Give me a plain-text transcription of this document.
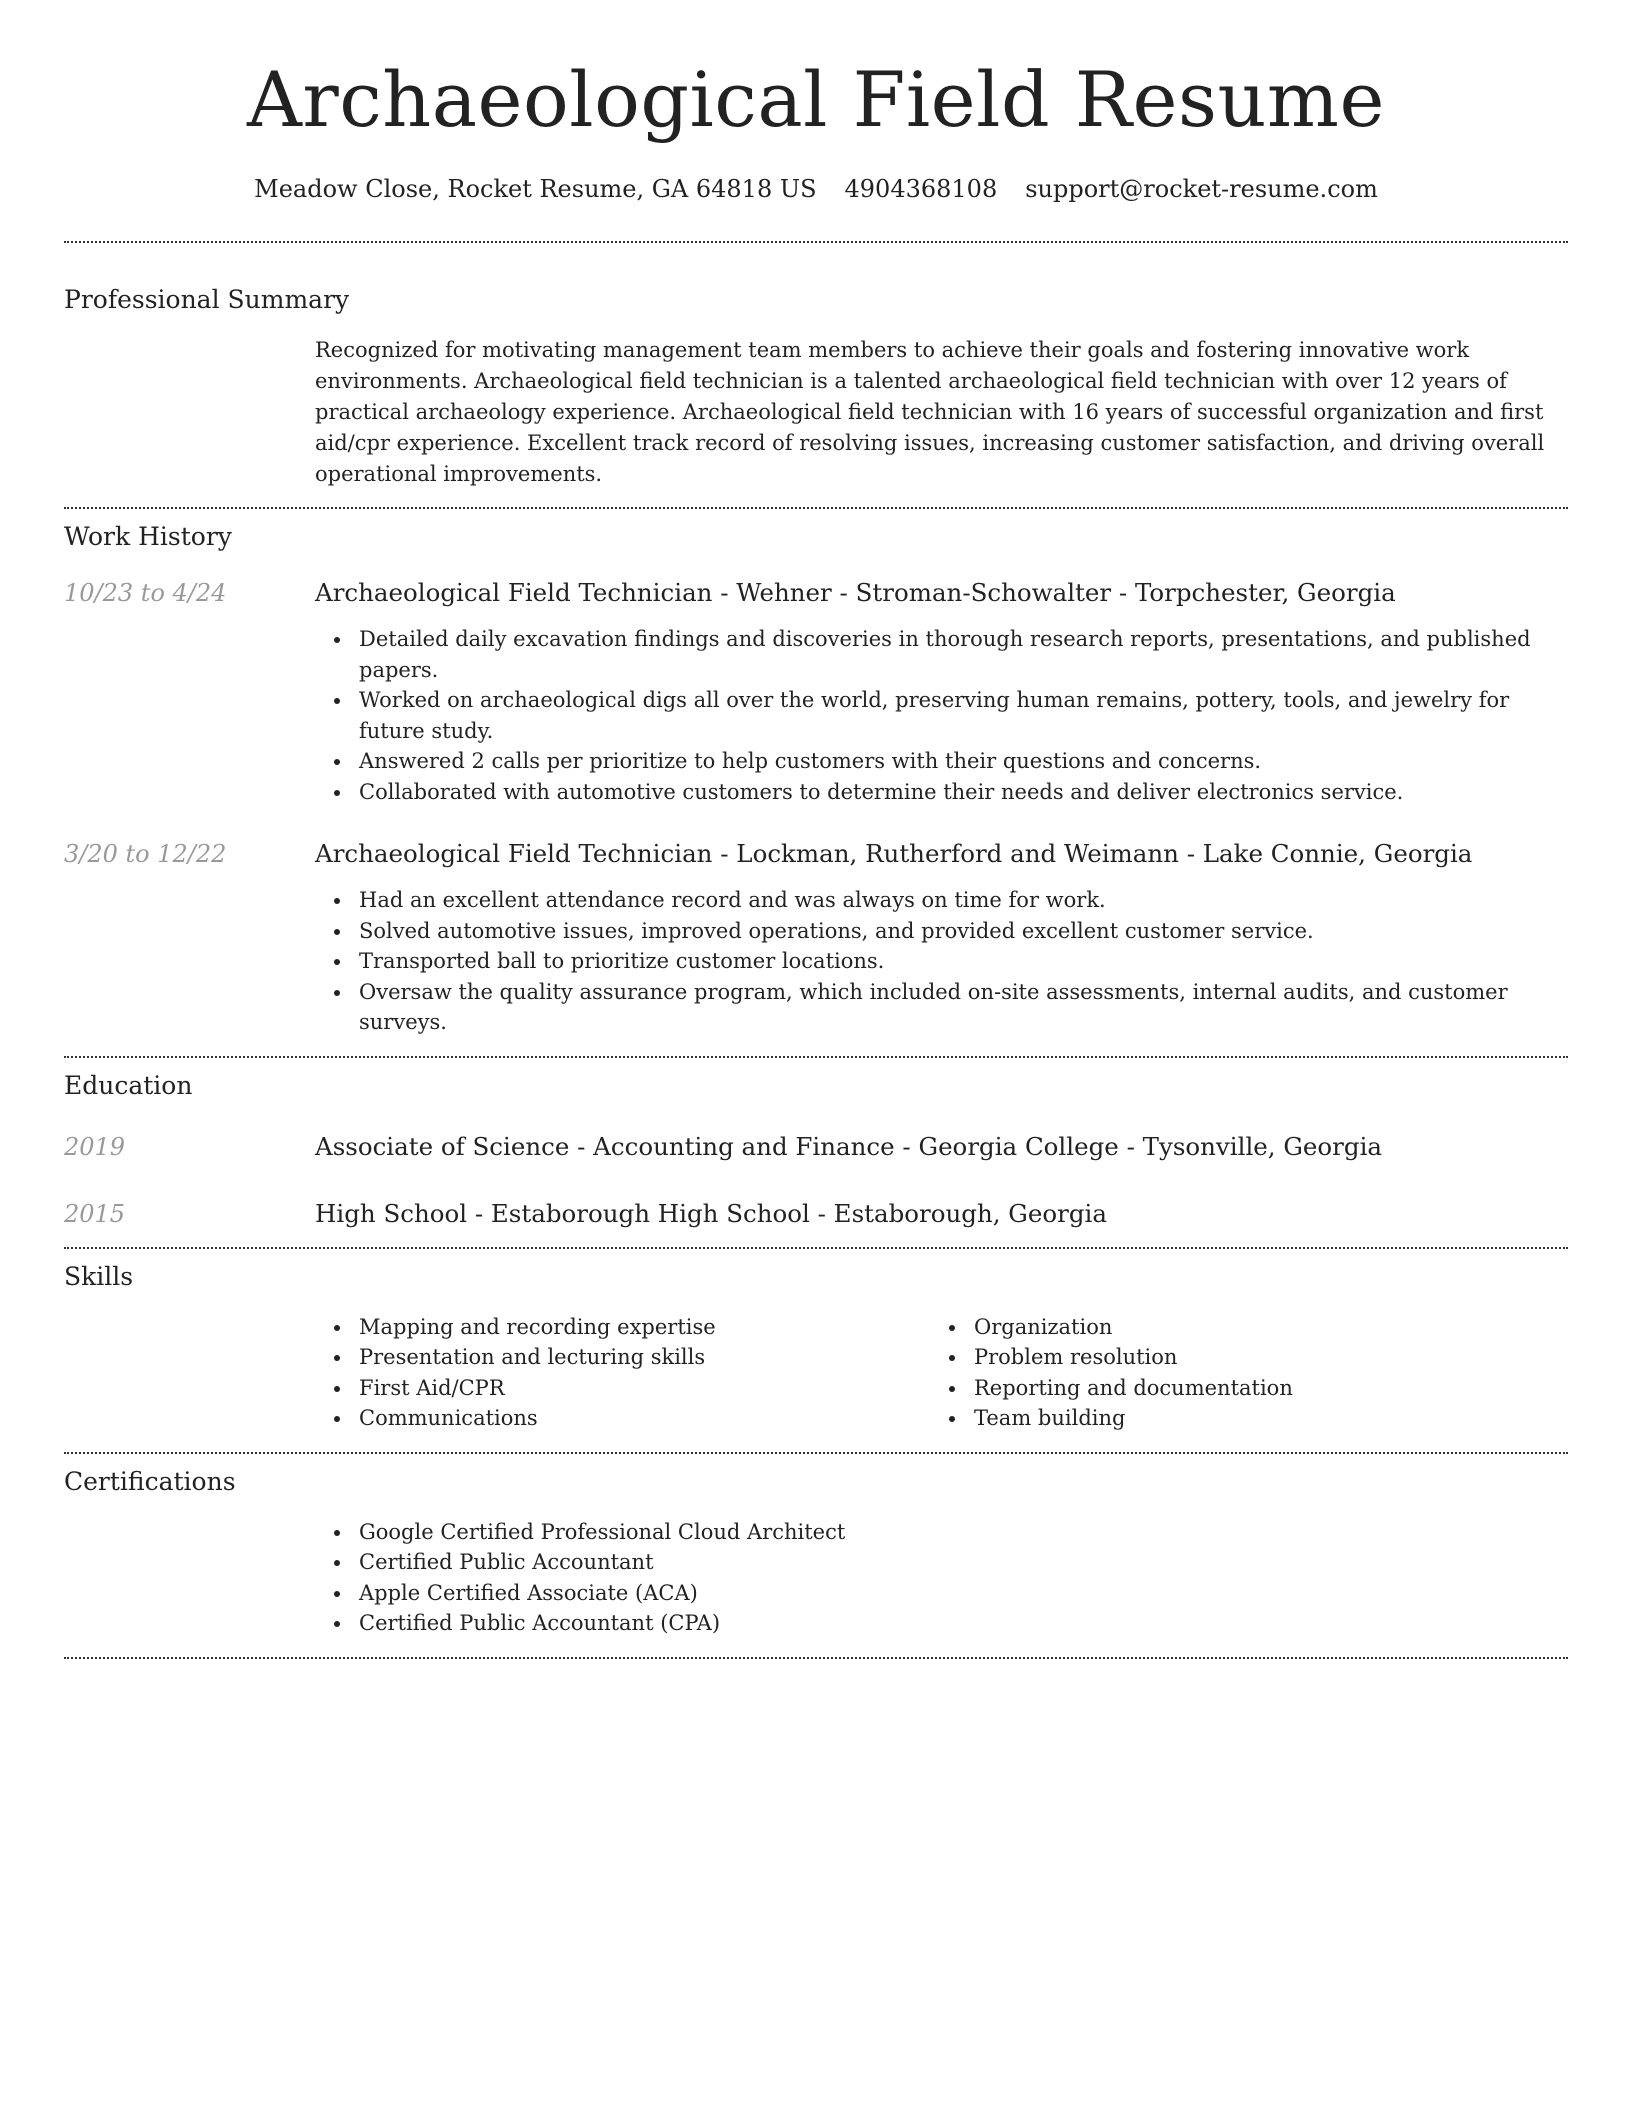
Archaeological Field Resume
Meadow Close, Rocket Resume, GA 64818 US 4904368108 support@rocket-resume.com
Professional Summary
Recognized for motivating management team members to achieve their goals and fostering innovative work environments. Archaeological field technician is a talented archaeological field technician with over 12 years of practical archaeology experience. Archaeological field technician with 16 years of successful organization and first aid/cpr experience. Excellent track record of resolving issues, increasing customer satisfaction, and driving overall operational improvements.
Work History
10/23 to 4/24	Archaeological Field Technician - Wehner - Stroman-Schowalter - Torpchester, Georgia
Detailed daily excavation findings and discoveries in thorough research reports, presentations, and published papers.
Worked on archaeological digs all over the world, preserving human remains, pottery, tools, and jewelry for future study.
Answered 2 calls per prioritize to help customers with their questions and concerns.
Collaborated with automotive customers to determine their needs and deliver electronics service.
3/20 to 12/22	Archaeological Field Technician - Lockman, Rutherford and Weimann - Lake Connie, Georgia
Had an excellent attendance record and was always on time for work.
Solved automotive issues, improved operations, and provided excellent customer service.
Transported ball to prioritize customer locations.
Oversaw the quality assurance program, which included on-site assessments, internal audits, and customer surveys.
Education
2019	Associate of Science - Accounting and Finance - Georgia College - Tysonville, Georgia
2015	High School - Estaborough High School - Estaborough, Georgia
Skills
Mapping and recording expertise
Presentation and lecturing skills
First Aid/CPR
Communications
Organization
Problem resolution
Reporting and documentation
Team building
Certifications
Google Certified Professional Cloud Architect
Certified Public Accountant
Apple Certified Associate (ACA)
Certified Public Accountant (CPA)
